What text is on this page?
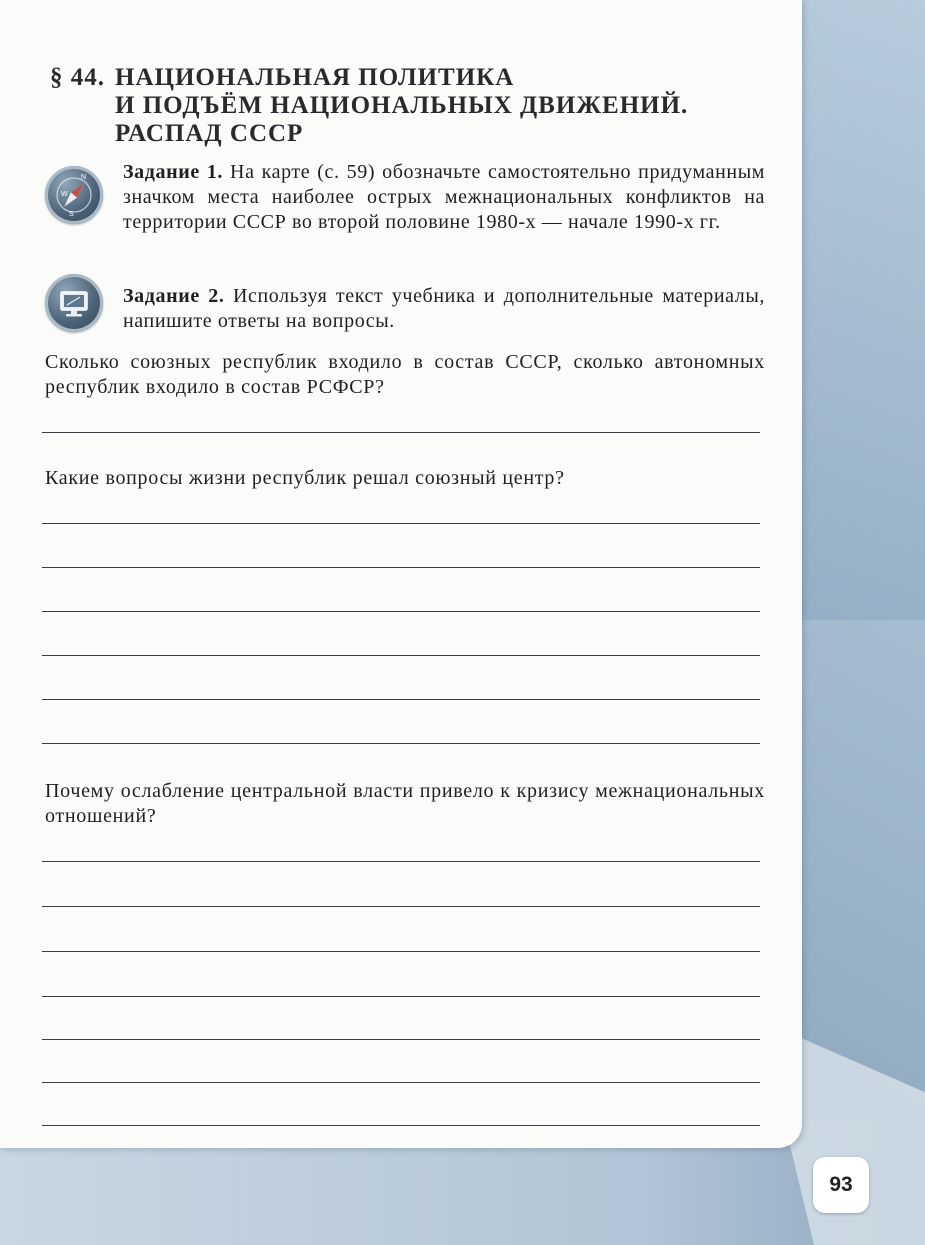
§ 44. НАЦИОНАЛЬНАЯ ПОЛИТИКА
И ПОДЪЁМ НАЦИОНАЛЬНЫХ ДВИЖЕНИЙ.
РАСПАД СССР
N
W
S

Задание 1. На карте (с. 59) обозначьте самостоятельно придуманным значком места наиболее острых межнациональных конфликтов на территории СССР во второй половине 1980-х — начале 1990-х гг.

Задание 2. Используя текст учебника и дополнительные материалы, напишите ответы на вопросы.

Сколько союзных республик входило в состав СССР, сколько автономных республик входило в состав РСФСР?

Какие вопросы жизни республик решал союзный центр?

Почему ослабление центральной власти привело к кризису межнациональных отношений?

93
